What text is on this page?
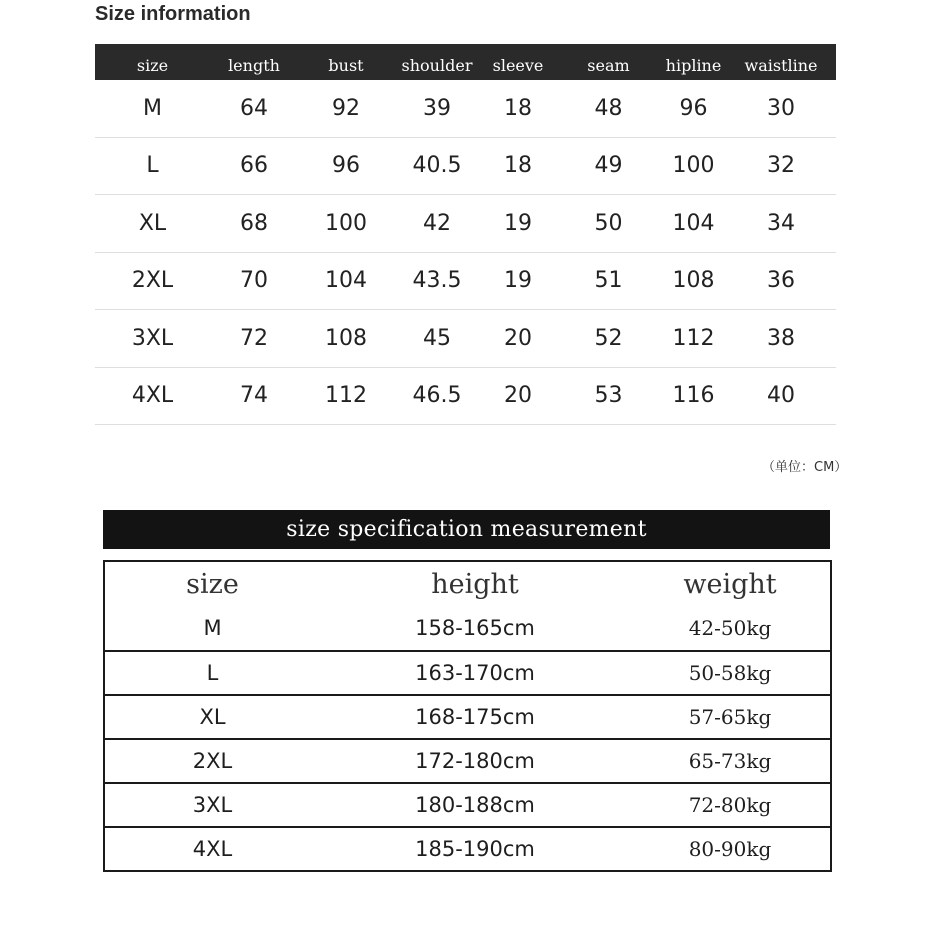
Size information
size	length	bust	shoulder	sleeve	seam	hipline	waistline
M	64	92	39	18	48	96	30
L	66	96	40.5	18	49	100	32
XL	68	100	42	19	50	104	34
2XL	70	104	43.5	19	51	108	36
3XL	72	108	45	20	52	112	38
4XL	74	112	46.5	20	53	116	40
（单位：CM）
size specification measurement
size	height	weight
M	158-165cm	42-50kg
L	163-170cm	50-58kg
XL	168-175cm	57-65kg
2XL	172-180cm	65-73kg
3XL	180-188cm	72-80kg
4XL	185-190cm	80-90kg
